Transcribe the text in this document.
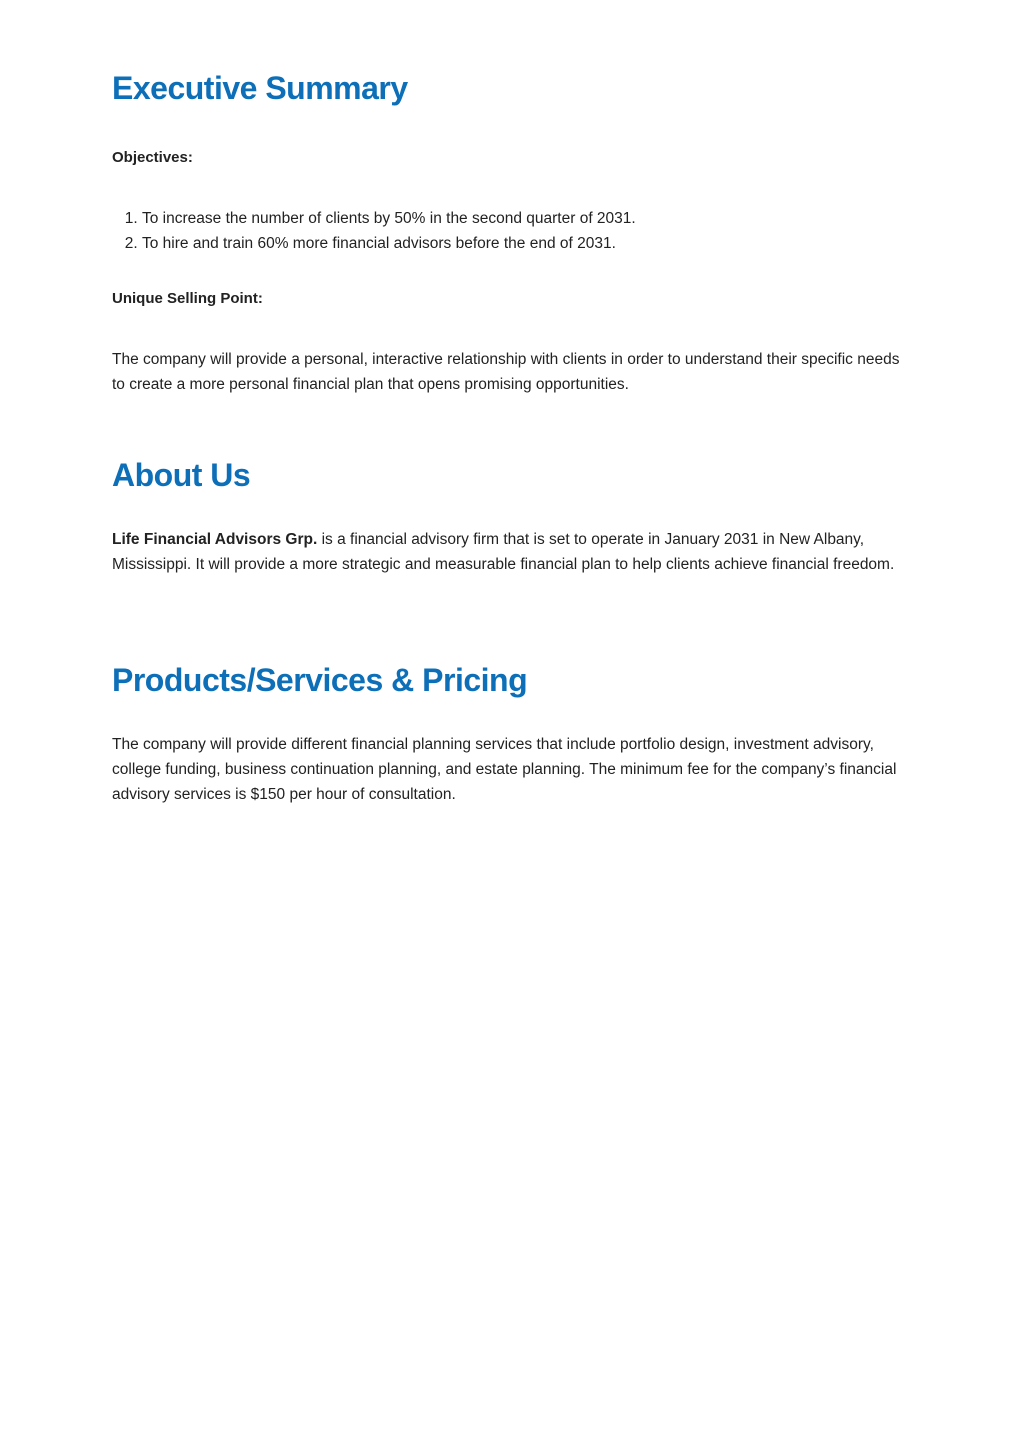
Executive Summary
Objectives:
1. To increase the number of clients by 50% in the second quarter of 2031.
2. To hire and train 60% more financial advisors before the end of 2031.
Unique Selling Point:

The company will provide a personal, interactive relationship with clients in order to understand their specific needs to create a more personal financial plan that opens promising opportunities.

About Us

Life Financial Advisors Grp. is a financial advisory firm that is set to operate in January 2031 in New Albany, Mississippi. It will provide a more strategic and measurable financial plan to help clients achieve financial freedom.

Products/Services & Pricing

The company will provide different financial planning services that include portfolio design, investment advisory, college funding, business continuation planning, and estate planning. The minimum fee for the company’s financial advisory services is $150 per hour of consultation.
